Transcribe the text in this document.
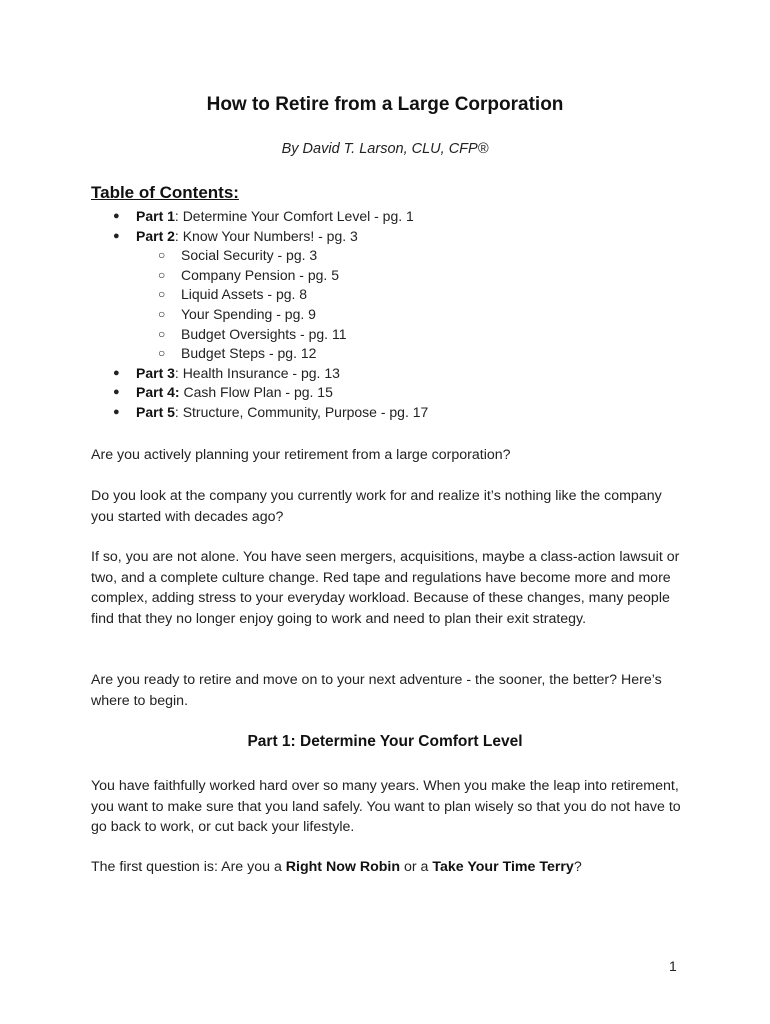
How to Retire from a Large Corporation
By David T. Larson, CLU, CFP®
Table of Contents:
● Part 1: Determine Your Comfort Level - pg. 1
● Part 2: Know Your Numbers! - pg. 3
○ Social Security - pg. 3
○ Company Pension - pg. 5
○ Liquid Assets - pg. 8
○ Your Spending - pg. 9
○ Budget Oversights - pg. 11
○ Budget Steps - pg. 12
● Part 3: Health Insurance - pg. 13
● Part 4: Cash Flow Plan - pg. 15
● Part 5: Structure, Community, Purpose - pg. 17

Are you actively planning your retirement from a large corporation?

Do you look at the company you currently work for and realize it’s nothing like the company you started with decades ago?

If so, you are not alone. You have seen mergers, acquisitions, maybe a class-action lawsuit or two, and a complete culture change. Red tape and regulations have become more and more complex, adding stress to your everyday workload. Because of these changes, many people find that they no longer enjoy going to work and need to plan their exit strategy.

Are you ready to retire and move on to your next adventure - the sooner, the better? Here’s where to begin.

Part 1: Determine Your Comfort Level

You have faithfully worked hard over so many years. When you make the leap into retirement, you want to make sure that you land safely. You want to plan wisely so that you do not have to go back to work, or cut back your lifestyle.

The first question is: Are you a Right Now Robin or a Take Your Time Terry?

1
